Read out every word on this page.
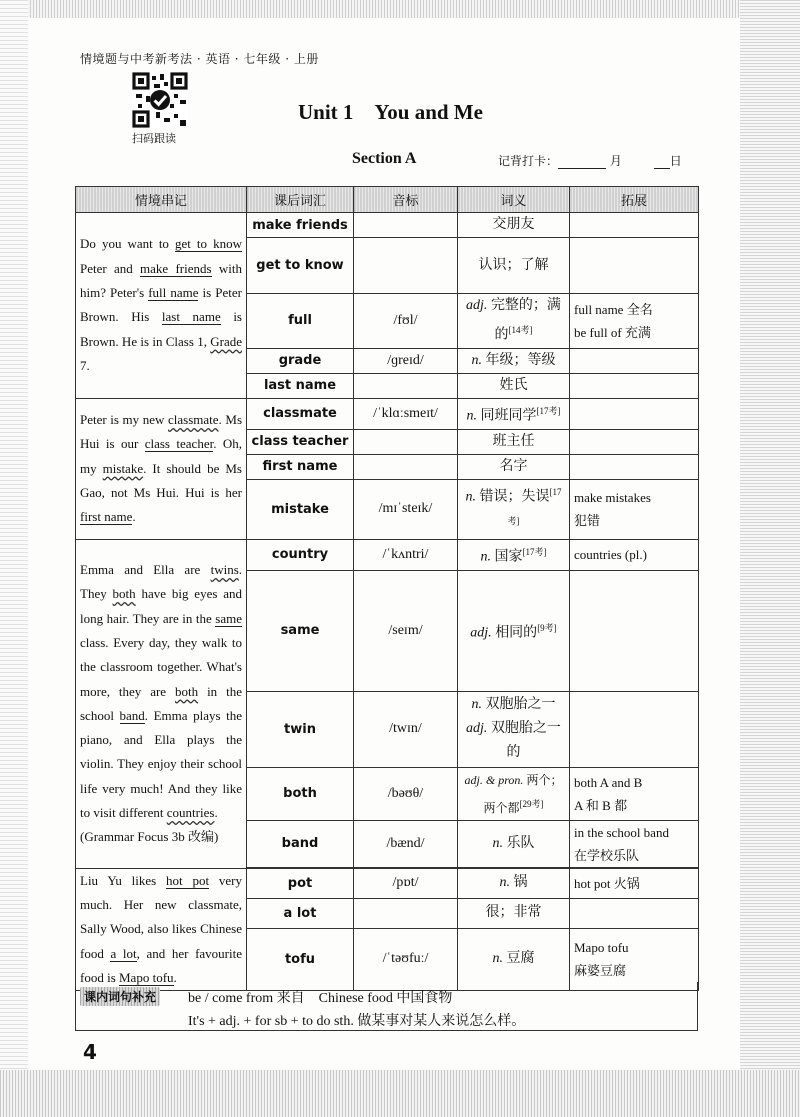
情境题与中考新考法 · 英语 · 七年级 · 上册
扫码跟读
Unit 1　You and Me
Section A	记背打卡：	月	日
情境串记	课后词汇	音标	词义	拓展
Do you want to get to know Peter and make friends with him? Peter's full name is Peter Brown. His last name is Brown. He is in Class 1, Grade 7.	make friends		交朋友	
	get to know		认识；了解	
	full	/fʊl/	adj. 完整的；满的[14考]	full name 全名
be full of 充满

	grade	/ɡreɪd/	n. 年级；等级	
	last name		姓氏	
Peter is my new classmate. Ms Hui is our class teacher. Oh, my mistake. It should be Ms Gao, not Ms Hui. Hui is her first name.	classmate	/ˈklɑːsmeɪt/	n. 同班同学[17考]	
	class teacher		班主任	
	first name		名字	
	mistake	/mɪˈsteɪk/	n. 错误；失误[17考]	make mistakes
犯错

Emma and Ella are twins. They both have big eyes and long hair. They are in the same class. Every day, they walk to the classroom together. What's more, they are both in the school band. Emma plays the piano, and Ella plays the violin. They enjoy their school life very much! And they like to visit different countries.
(Grammar Focus 3b 改编)	country	/ˈkʌntri/	n. 国家[17考]	countries (pl.)
	same	/seɪm/	adj. 相同的[9考]	
	twin	/twɪn/	n. 双胞胎之一
adj. 双胞胎之一的	
	both	/bəʊθ/	adj. & pron. 两个；两个都[29考]	both A and B
A 和 B 都

	band	/bænd/	n. 乐队	in the school band
在学校乐队

Liu Yu likes hot pot very much. Her new classmate, Sally Wood, also likes Chinese food a lot, and her favourite food is Mapo tofu.	pot	/pɒt/	n. 锅	hot pot 火锅
	a lot		很；非常	
	tofu	/ˈtəʊfuː/	n. 豆腐	Mapo tofu
麻婆豆腐
课内词句补充 be / come from 来自　Chinese food 中国食物
It's + adj. + for sb + to do sth. 做某事对某人来说怎么样。
4
